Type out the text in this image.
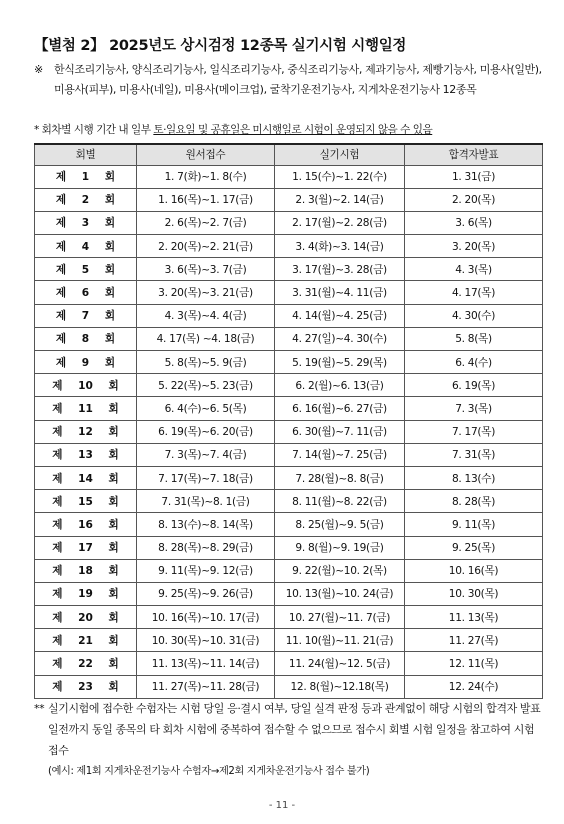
【별첨 2】 2025년도 상시검정 12종목 실기시험 시행일정
※ 한식조리기능사, 양식조리기능사, 일식조리기능사, 중식조리기능사, 제과기능사, 제빵기능사, 미용사(일반), 미용사(피부), 미용사(네일), 미용사(메이크업), 굴착기운전기능사, 지게차운전기능사 12종목
* 회차별 시행 기간 내 일부 토·일요일 및 공휴일은 미시행일로 시험이 운영되지 않을 수 있음
회별	원서접수	실기시험	합격자발표
제 1 회	1. 7(화)~1. 8(수)	1. 15(수)~1. 22(수)	1. 31(금)
제 2 회	1. 16(목)~1. 17(금)	2. 3(월)~2. 14(금)	2. 20(목)
제 3 회	2. 6(목)~2. 7(금)	2. 17(월)~2. 28(금)	3. 6(목)
제 4 회	2. 20(목)~2. 21(금)	3. 4(화)~3. 14(금)	3. 20(목)
제 5 회	3. 6(목)~3. 7(금)	3. 17(월)~3. 28(금)	4. 3(목)
제 6 회	3. 20(목)~3. 21(금)	3. 31(월)~4. 11(금)	4. 17(목)
제 7 회	4. 3(목)~4. 4(금)	4. 14(월)~4. 25(금)	4. 30(수)
제 8 회	4. 17(목) ~4. 18(금)	4. 27(일)~4. 30(수)	5. 8(목)
제 9 회	5. 8(목)~5. 9(금)	5. 19(월)~5. 29(목)	6. 4(수)
제 10 회	5. 22(목)~5. 23(금)	6. 2(월)~6. 13(금)	6. 19(목)
제 11 회	6. 4(수)~6. 5(목)	6. 16(월)~6. 27(금)	7. 3(목)
제 12 회	6. 19(목)~6. 20(금)	6. 30(월)~7. 11(금)	7. 17(목)
제 13 회	7. 3(목)~7. 4(금)	7. 14(월)~7. 25(금)	7. 31(목)
제 14 회	7. 17(목)~7. 18(금)	7. 28(월)~8. 8(금)	8. 13(수)
제 15 회	7. 31(목)~8. 1(금)	8. 11(월)~8. 22(금)	8. 28(목)
제 16 회	8. 13(수)~8. 14(목)	8. 25(월)~9. 5(금)	9. 11(목)
제 17 회	8. 28(목)~8. 29(금)	9. 8(월)~9. 19(금)	9. 25(목)
제 18 회	9. 11(목)~9. 12(금)	9. 22(월)~10. 2(목)	10. 16(목)
제 19 회	9. 25(목)~9. 26(금)	10. 13(월)~10. 24(금)	10. 30(목)
제 20 회	10. 16(목)~10. 17(금)	10. 27(월)~11. 7(금)	11. 13(목)
제 21 회	10. 30(목)~10. 31(금)	11. 10(월)~11. 21(금)	11. 27(목)
제 22 회	11. 13(목)~11. 14(금)	11. 24(월)~12. 5(금)	12. 11(목)
제 23 회	11. 27(목)~11. 28(금)	12. 8(월)~12.18(목)	12. 24(수)
** 실기시험에 접수한 수험자는 시험 당일 응·결시 여부, 당일 실격 판정 등과 관계없이 해당 시험의 합격자 발표일전까지 동일 종목의 타 회차 시험에 중복하여 접수할 수 없으므로 접수시 회별 시험 일정을 참고하여 시험 접수
(예시: 제1회 지게차운전기능사 수험자→제2회 지게차운전기능사 접수 불가)
- 11 -
